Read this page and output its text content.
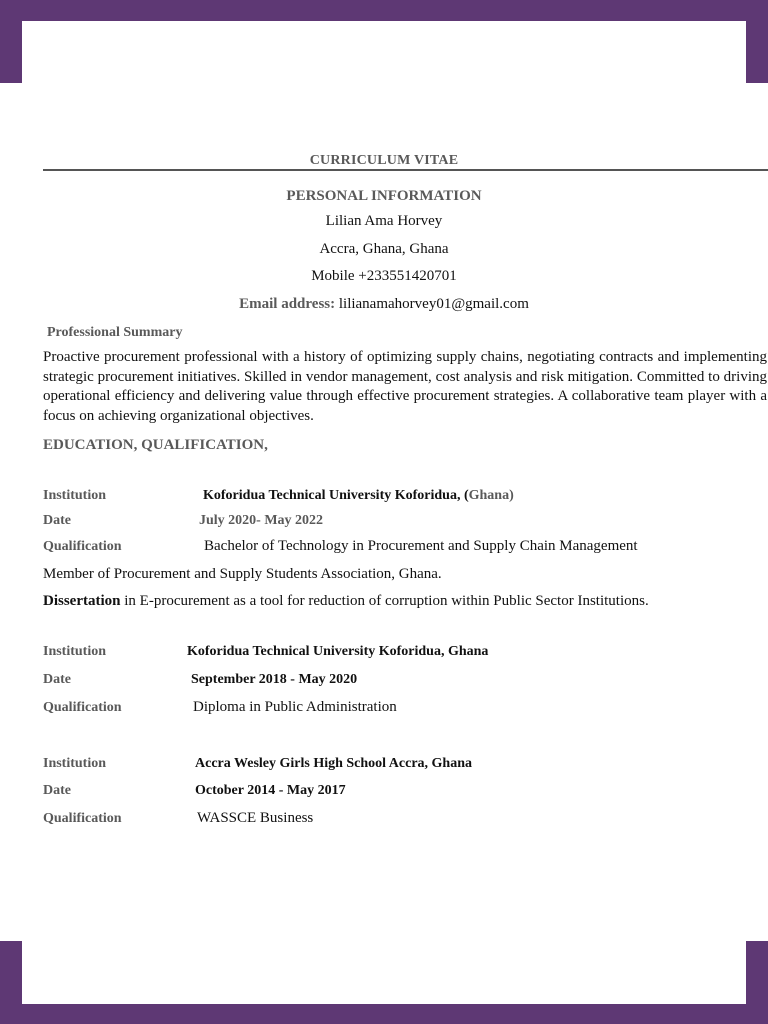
CURRICULUM VITAE
PERSONAL INFORMATION
Lilian Ama Horvey
Accra, Ghana, Ghana
Mobile +233551420701
Email address: lilianamahorvey01@gmail.com
Professional Summary
Proactive procurement professional with a history of optimizing supply chains, negotiating contracts and implementing strategic procurement initiatives. Skilled in vendor management, cost analysis and risk mitigation. Committed to driving operational efficiency and delivering value through effective procurement strategies. A collaborative team player with a focus on achieving organizational objectives.
EDUCATION, QUALIFICATION,
Institution	Koforidua Technical University Koforidua, (Ghana)
Date	July 2020- May 2022
Qualification	Bachelor of Technology in Procurement and Supply Chain Management
Member of Procurement and Supply Students Association, Ghana.
Dissertation in E-procurement as a tool for reduction of corruption within Public Sector Institutions.
Institution	Koforidua Technical University Koforidua, Ghana
Date	September 2018 - May 2020
Qualification	Diploma in Public Administration
Institution	Accra Wesley Girls High School Accra, Ghana
Date	October 2014 - May 2017
Qualification	WASSCE Business
